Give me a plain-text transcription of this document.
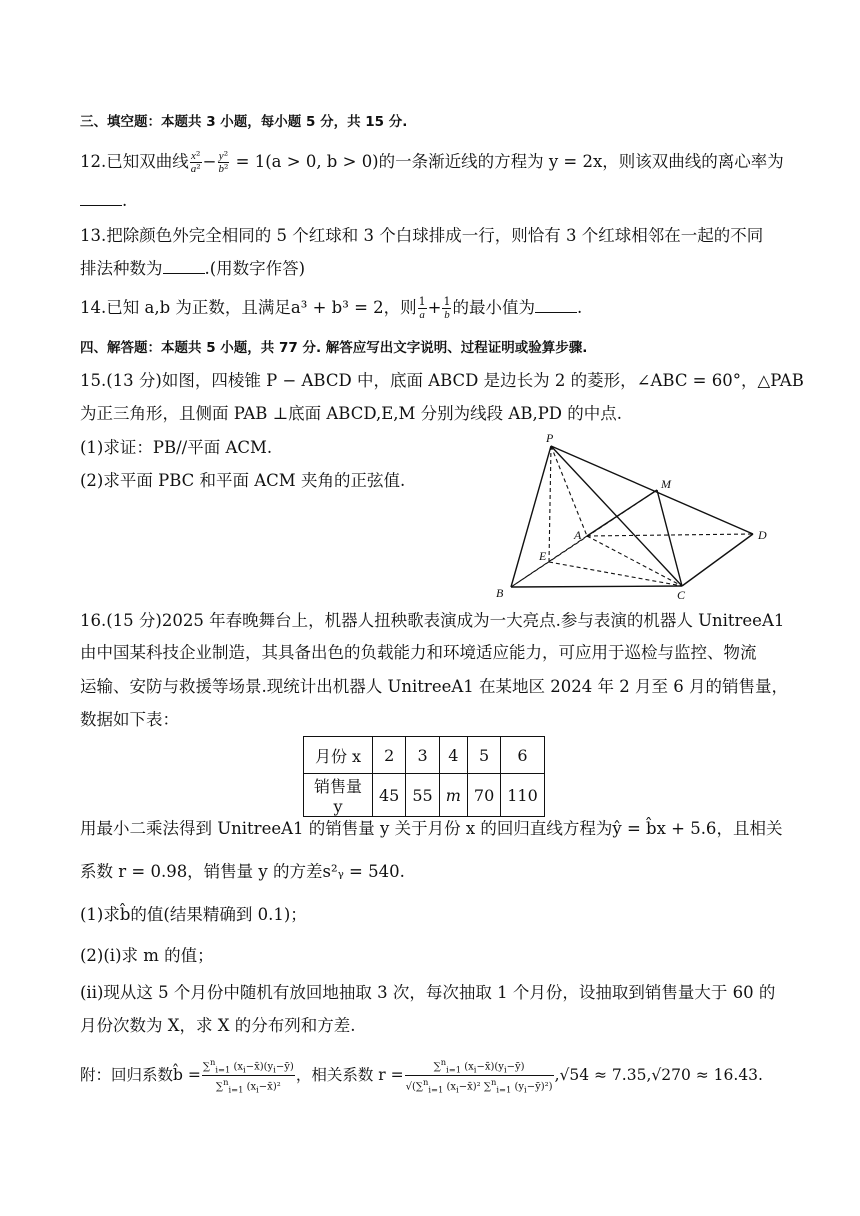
三、填空题：本题共 3 小题，每小题 5 分，共 15 分.
12.已知双曲线 $\frac{\text{x²}}{\text{a²}} - \frac{\text{y²}}{\text{b²}} = 1(a > 0$, b > 0)的一条渐近线的方程为 y = 2x，则该双曲线的离心率为
.
13.把除颜色外完全相同的 5 个红球和 3 个白球排成一行，则恰有 3 个红球相邻在一起的不同
排法种数为	.(用数字作答)
14.已知 a,b 为正数，且满足a³ + b³ = 2，则 $\frac{1}{a} + \frac{1}{b}$ 的最小值为	.
四、解答题：本题共 5 小题，共 77 分. 解答应写出文字说明、过程证明或验算步骤.
15.(13 分)如图，四棱锥 P − ABCD 中，底面 ABCD 是边长为 2 的菱形，∠ABC = 60°，△PAB
为正三角形，且侧面 PAB ⊥底面 ABCD,E,M 分别为线段 AB,PD 的中点.
(1)求证：PB//平面 ACM.
(2)求平面 PBC 和平面 ACM 夹角的正弦值.
P
M
A	D
E
B	C
16.(15 分)2025 年春晚舞台上，机器人扭秧歌表演成为一大亮点.参与表演的机器人 UnitreeA1
由中国某科技企业制造，其具备出色的负载能力和环境适应能力，可应用于巡检与监控、物流
运输、安防与救援等场景.现统计出机器人 UnitreeA1 在某地区 2024 年 2 月至 6 月的销售量，
数据如下表：
月份 x	2	3	4	5	6
销售量 y	45	55	m	70	110
用最小二乘法得到 UnitreeA1 的销售量 y 关于月份 x 的回归直线方程为ŷ = b̂x + 5.6，且相关
系数 r = 0.98，销售量 y 的方差s²ᵧ = 540.
(1)求b̂的值(结果精确到 0.1)；
(2)(i)求 m 的值；
(ii)现从这 5 个月份中随机有放回地抽取 3 次，每次抽取 1 个月份，设抽取到销售量大于 60 的
月份次数为 X，求 X 的分布列和方差.
附：回归系数b̂ = $\frac{\sum^n_{i=1} (x_i-x̄)(y_i-ȳ)}{\sum^n_{i=1} (x_i-x̄)^2}$ ，相关系数 $r = \frac{\sum^n_{i=1} (x_i-x̄)(y_i-ȳ)}{√(\sum^n_{i=1} (x_i-x̄)^2 \sum^n_{i=1} (y_i-ȳ)^2)} ,√54 \approx 7.35,√270 \approx 16.43$.
